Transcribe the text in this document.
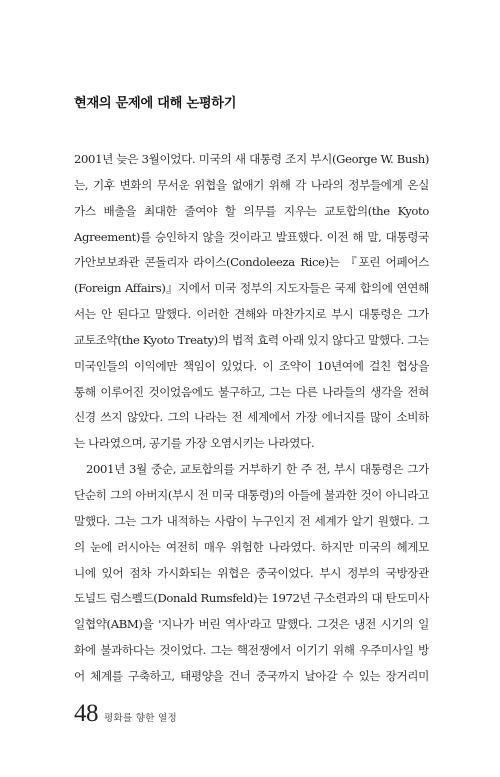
현재의 문제에 대해 논평하기

2001년 늦은 3월이었다. 미국의 새 대통령 조지 부시(George W. Bush)
는, 기후 변화의 무서운 위협을 없애기 위해 각 나라의 정부들에게 온실
가스 배출을 최대한 줄여야 할 의무를 지우는 교토합의(the Kyoto
Agreement)를 승인하지 않을 것이라고 발표했다. 이전 해 말, 대통령국
가안보보좌관 콘돌리자 라이스(Condoleeza Rice)는 『포린 어페어스
(Foreign Affairs)』지에서 미국 정부의 지도자들은 국제 합의에 연연해
서는 안 된다고 말했다. 이러한 견해와 마찬가지로 부시 대통령은 그가
교토조약(the Kyoto Treaty)의 법적 효력 아래 있지 않다고 말했다. 그는
미국인들의 이익에만 책임이 있었다. 이 조약이 10년여에 걸친 협상을
통해 이루어진 것이었음에도 불구하고, 그는 다른 나라들의 생각을 전혀
신경 쓰지 않았다. 그의 나라는 전 세계에서 가장 에너지를 많이 소비하
는 나라였으며, 공기를 가장 오염시키는 나라였다.

2001년 3월 중순, 교토합의를 거부하기 한 주 전, 부시 대통령은 그가
단순히 그의 아버지(부시 전 미국 대통령)의 아들에 불과한 것이 아니라고
말했다. 그는 그가 내적하는 사람이 누구인지 전 세계가 알기 원했다. 그
의 눈에 러시아는 여전히 매우 위험한 나라였다. 하지만 미국의 헤게모
니에 있어 점차 가시화되는 위협은 중국이었다. 부시 정부의 국방장관
도널드 럼스펠드(Donald Rumsfeld)는 1972년 구소련과의 대 탄도미사
일협약(ABM)을 '지나가 버린 역사'라고 말했다. 그것은 냉전 시기의 일
화에 불과하다는 것이었다. 그는 핵전쟁에서 이기기 위해 우주미사일 방
어 체계를 구축하고, 태평양을 건너 중국까지 날아갈 수 있는 장거리미

48 평화를 향한 열정
